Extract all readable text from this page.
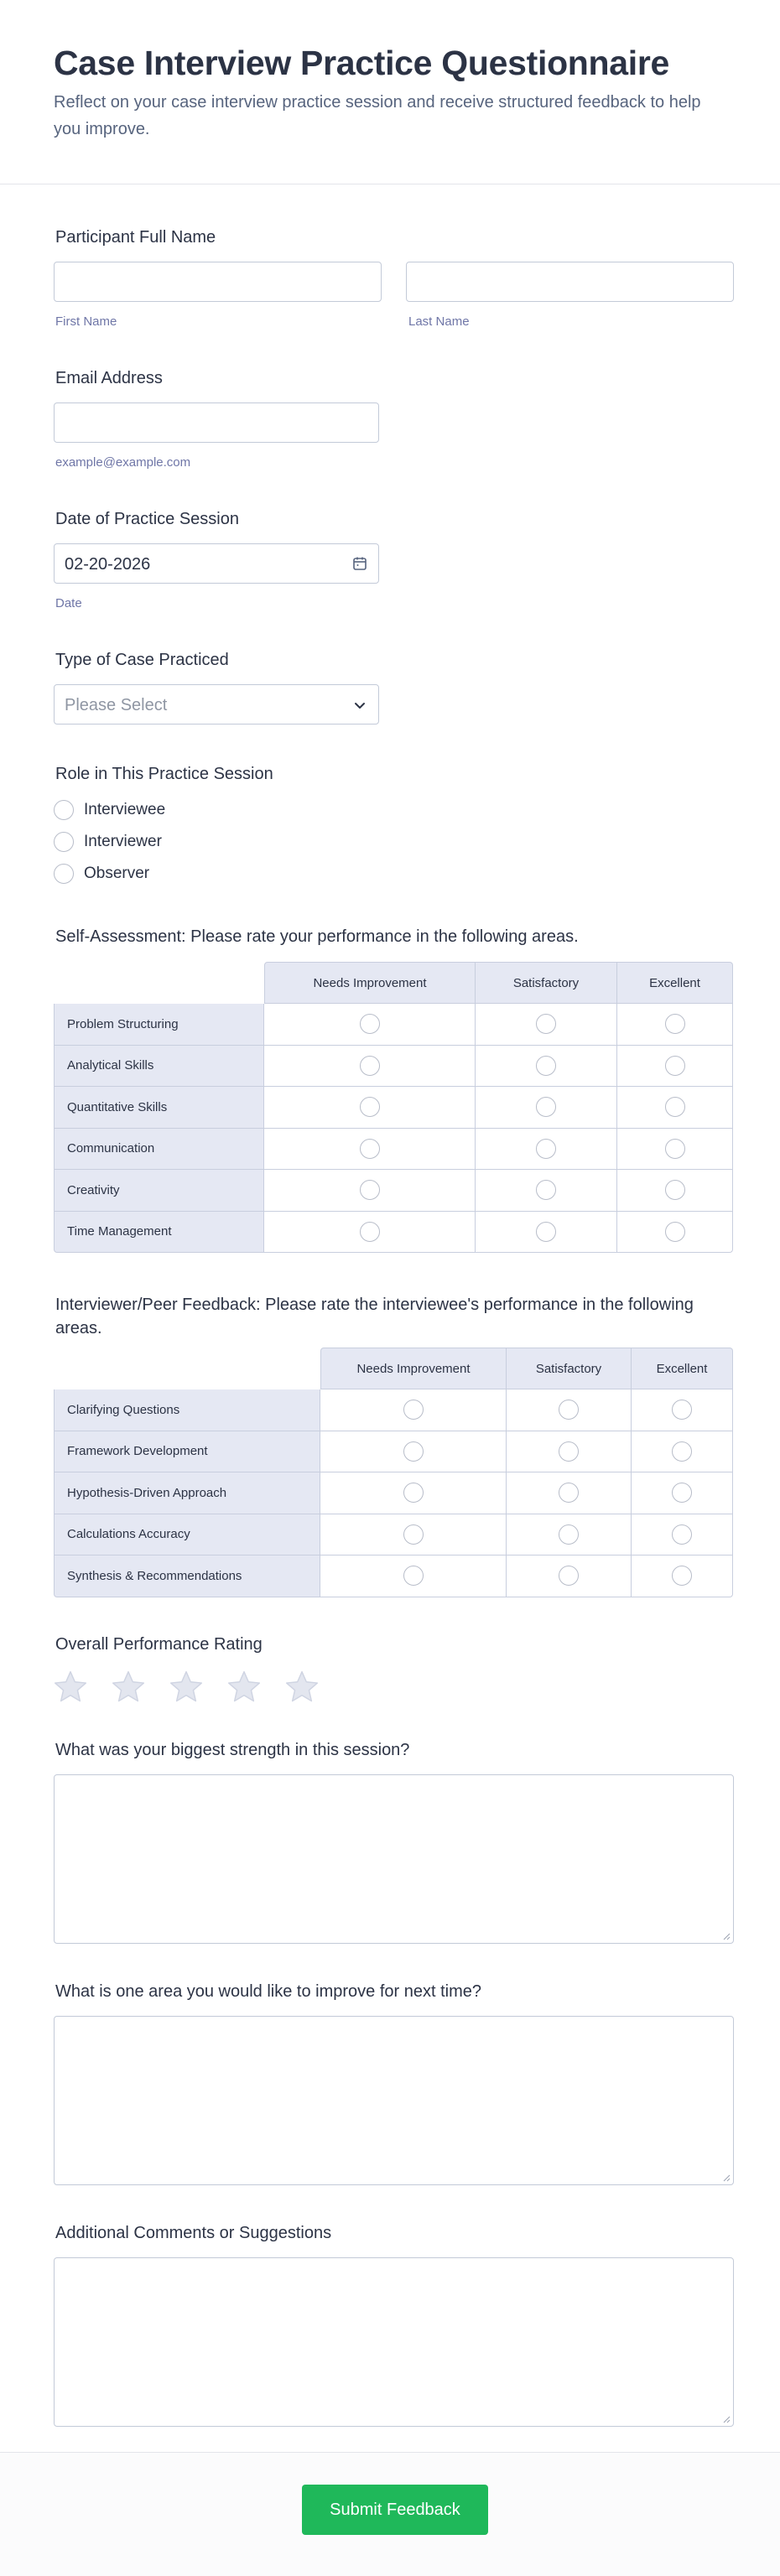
Case Interview Practice Questionnaire

Reflect on your case interview practice session and receive structured feedback to help you improve.

Participant Full Name
First Name	Last Name
Email Address
example@example.com
Date of Practice Session
02-20-2026
Date
Type of Case Practiced
Please Select
Role in This Practice Session
Interviewee
Interviewer
Observer
Self-Assessment: Please rate your performance in the following areas.
	Needs Improvement	Satisfactory	Excellent
Problem Structuring			
Analytical Skills			
Quantitative Skills			
Communication			
Creativity			
Time Management			
Interviewer/Peer Feedback: Please rate the interviewee's performance in the following areas.
	Needs Improvement	Satisfactory	Excellent
Clarifying Questions			
Framework Development			
Hypothesis-Driven Approach			
Calculations Accuracy			
Synthesis & Recommendations			
Overall Performance Rating
What was your biggest strength in this session?
What is one area you would like to improve for next time?
Additional Comments or Suggestions
Submit Feedback
